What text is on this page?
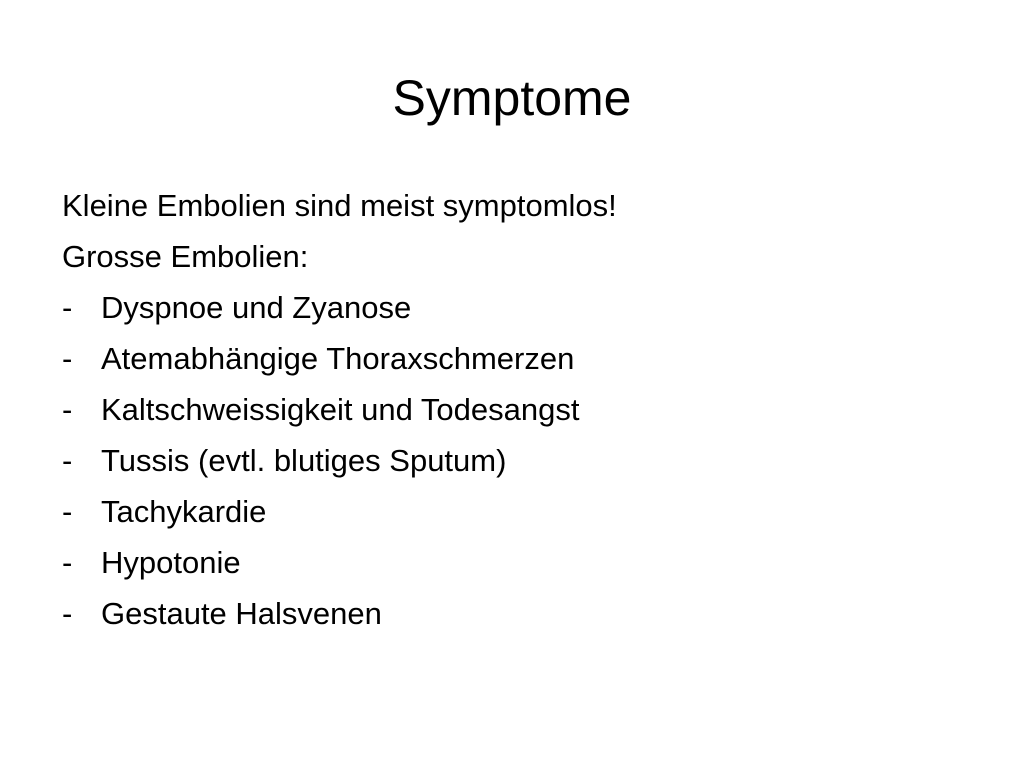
Symptome
Kleine Embolien sind meist symptomlos!
Grosse Embolien:
- Dyspnoe und Zyanose
- Atemabhängige Thoraxschmerzen
- Kaltschweissigkeit und Todesangst
- Tussis (evtl. blutiges Sputum)
- Tachykardie
- Hypotonie
- Gestaute Halsvenen
